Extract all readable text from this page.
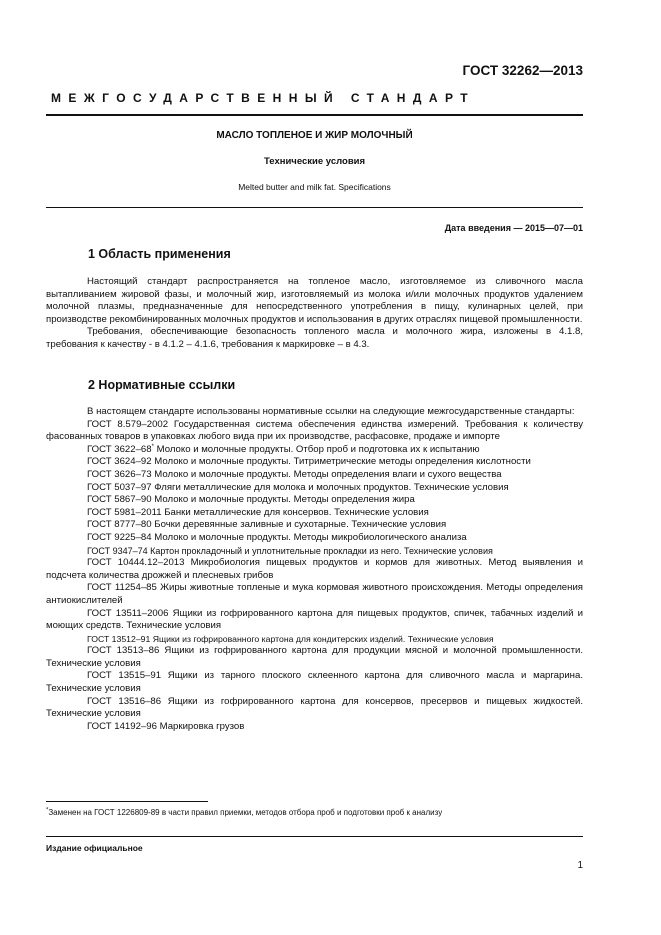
ГОСТ 32262—2013
МЕЖГОСУДАРСТВЕННЫЙ СТАНДАРТ
МАСЛО ТОПЛЕНОЕ И ЖИР МОЛОЧНЫЙ
Технические условия
Melted butter and milk fat. Specifications
Дата введения — 2015—07—01
1 Область применения

Настоящий стандарт распространяется на топленое масло, изготовляемое из сливочного масла вытапливанием жировой фазы, и молочный жир, изготовляемый из молока и/или молочных продуктов удалением молочной плазмы, предназначенные для непосредственного употребления в пищу, кулинарных целей, при производстве рекомбинированных молочных продуктов и использования в других отраслях пищевой промышленности.

Требования, обеспечивающие безопасность топленого масла и молочного жира, изложены в 4.1.8, требования к качеству - в 4.1.2 – 4.1.6, требования к маркировке – в 4.3.

2 Нормативные ссылки

В настоящем стандарте использованы нормативные ссылки на следующие межгосударственные стандарты:

ГОСТ 8.579–2002 Государственная система обеспечения единства измерений. Требования к количеству фасованных товаров в упаковках любого вида при их производстве, расфасовке, продаже и импорте

ГОСТ 3622–68* Молоко и молочные продукты. Отбор проб и подготовка их к испытанию

ГОСТ 3624–92 Молоко и молочные продукты. Титриметрические методы определения кислотности

ГОСТ 3626–73 Молоко и молочные продукты. Методы определения влаги и сухого вещества

ГОСТ 5037–97 Фляги металлические для молока и молочных продуктов. Технические условия

ГОСТ 5867–90 Молоко и молочные продукты. Методы определения жира

ГОСТ 5981–2011 Банки металлические для консервов. Технические условия

ГОСТ 8777–80 Бочки деревянные заливные и сухотарные. Технические условия

ГОСТ 9225–84 Молоко и молочные продукты. Методы микробиологического анализа

ГОСТ 9347–74 Картон прокладочный и уплотнительные прокладки из него. Технические условия

ГОСТ 10444.12–2013 Микробиология пищевых продуктов и кормов для животных. Метод выявления и подсчета количества дрожжей и плесневых грибов

ГОСТ 11254–85 Жиры животные топленые и мука кормовая животного происхождения. Методы определения антиокислителей

ГОСТ 13511–2006 Ящики из гофрированного картона для пищевых продуктов, спичек, табачных изделий и моющих средств. Технические условия

ГОСТ 13512–91 Ящики из гофрированного картона для кондитерских изделий. Технические условия

ГОСТ 13513–86 Ящики из гофрированного картона для продукции мясной и молочной промышленности. Технические условия

ГОСТ 13515–91 Ящики из тарного плоского склеенного картона для сливочного масла и маргарина. Технические условия

ГОСТ 13516–86 Ящики из гофрированного картона для консервов, пресервов и пищевых жидкостей. Технические условия

ГОСТ 14192–96 Маркировка грузов

*Заменен на ГОСТ 1226809-89 в части правил приемки, методов отбора проб и подготовки проб к анализу
Издание официальное
1
